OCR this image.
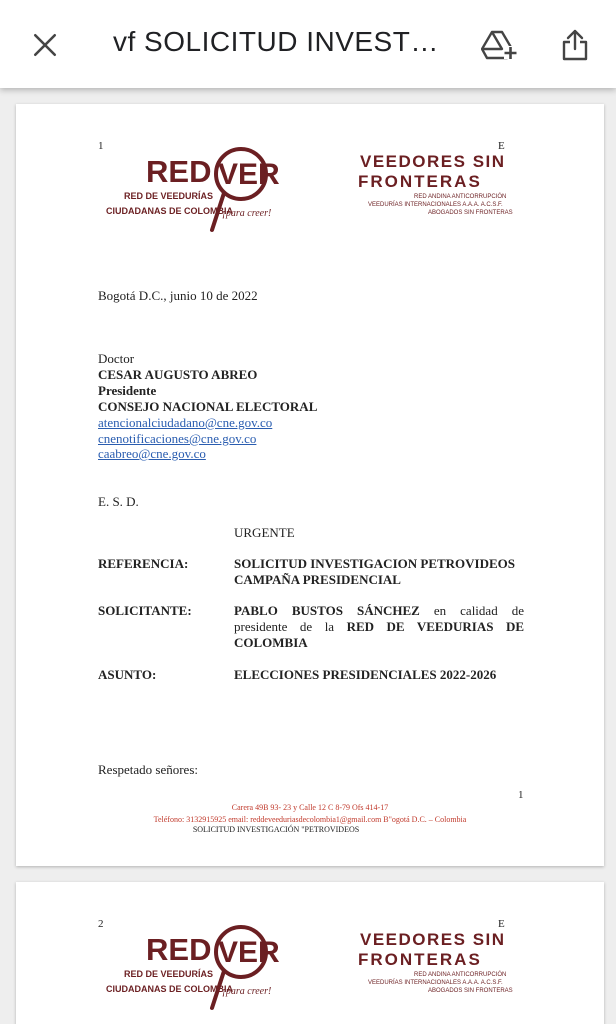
vf SOLICITUD INVESTI...
1	E
RED VER
RED DE VEEDURÍAS
CIUDADANAS DE COLOMBIA
¡para creer!
VEEDORES SIN
FRONTERAS
RED ANDINA ANTICORRUPCIÓN
VEEDURÍAS INTERNACIONALES A.A.A. A.C.S.F.
ABOGADOS SIN FRONTERAS
Bogotá D.C., junio 10 de 2022
Doctor
CESAR AUGUSTO ABREO
Presidente
CONSEJO NACIONAL ELECTORAL
atencionalciudadano@cne.gov.co
cnenotificaciones@cne.gov.co
caabreo@cne.gov.co
E. S. D.
URGENTE
REFERENCIA:	SOLICITUD INVESTIGACION PETROVIDEOS
CAMPAÑA PRESIDENCIAL
SOLICITANTE:	PABLO BUSTOS SÁNCHEZ en calidad de presidente de la RED DE VEEDURIAS DE COLOMBIA
ASUNTO:	ELECCIONES PRESIDENCIALES 2022-2026
Respetado señores:
1
Carera 49B 93- 23 y Calle 12 C 8-79 Ofs 414-17
Teléfono: 3132915925 email: reddeveeduriasdecolombia1@gmail.com B"ogotá D.C. – Colombia
SOLICITUD INVESTIGACIÓN "PETROVIDEOS
2	E
RED VER
RED DE VEEDURÍAS
CIUDADANAS DE COLOMBIA
¡para creer!
VEEDORES SIN
FRONTERAS
RED ANDINA ANTICORRUPCIÓN
VEEDURÍAS INTERNACIONALES A.A.A. A.C.S.F.
ABOGADOS SIN FRONTERAS
